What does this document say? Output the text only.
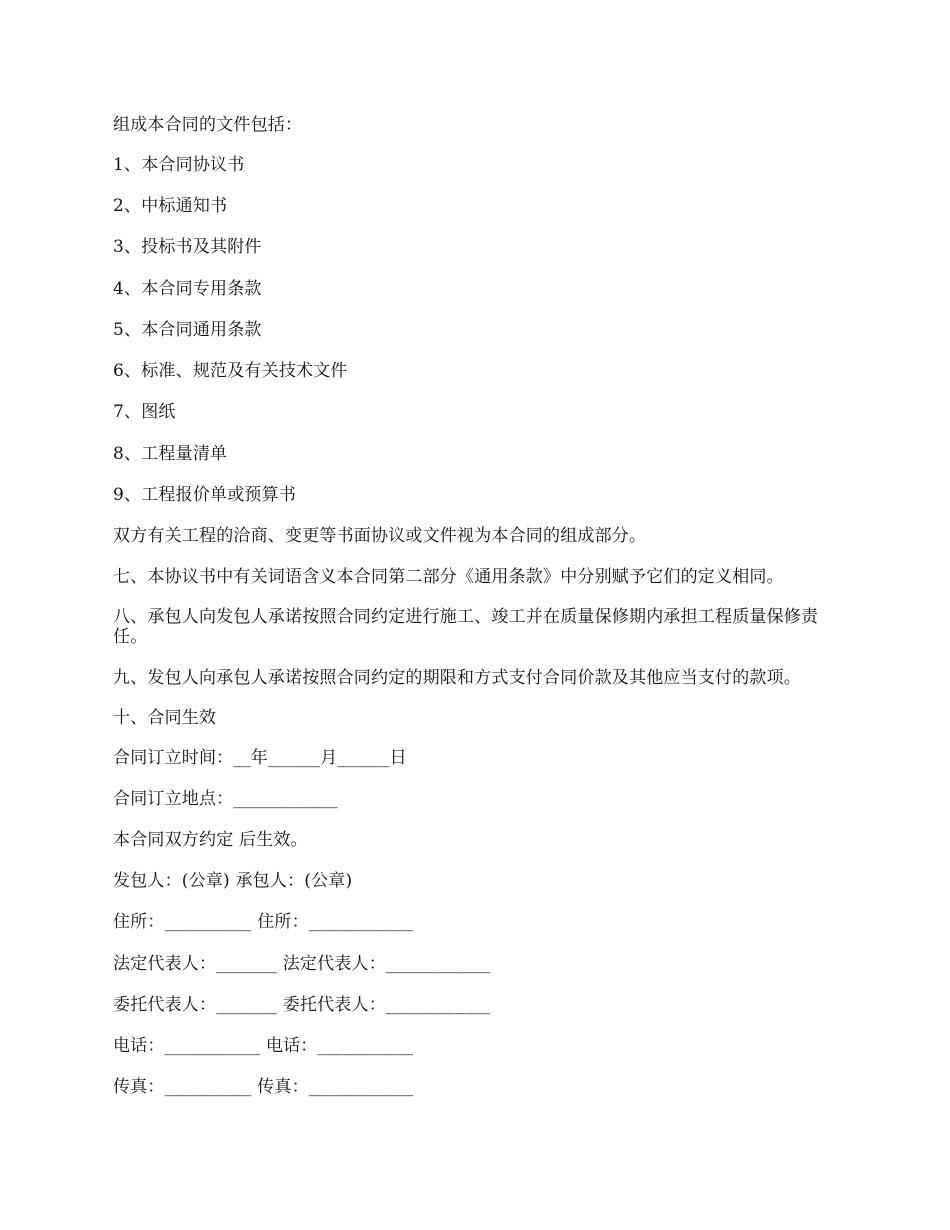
组成本合同的文件包括：
1、本合同协议书
2、中标通知书
3、投标书及其附件
4、本合同专用条款
5、本合同通用条款
6、标准、规范及有关技术文件
7、图纸
8、工程量清单
9、工程报价单或预算书
双方有关工程的洽商、变更等书面协议或文件视为本合同的组成部分。
七、本协议书中有关词语含义本合同第二部分《通用条款》中分别赋予它们的定义相同。
八、承包人向发包人承诺按照合同约定进行施工、竣工并在质量保修期内承担工程质量保修责任。
九、发包人向承包人承诺按照合同约定的期限和方式支付合同价款及其他应当支付的款项。
十、合同生效
合同订立时间：__年______月______日
合同订立地点：____________
本合同双方约定 后生效。
发包人：(公章) 承包人：(公章)
住所：__________ 住所：____________
法定代表人：_______ 法定代表人：____________
委托代表人：_______ 委托代表人：____________
电话：___________ 电话：___________
传真：__________ 传真：____________
